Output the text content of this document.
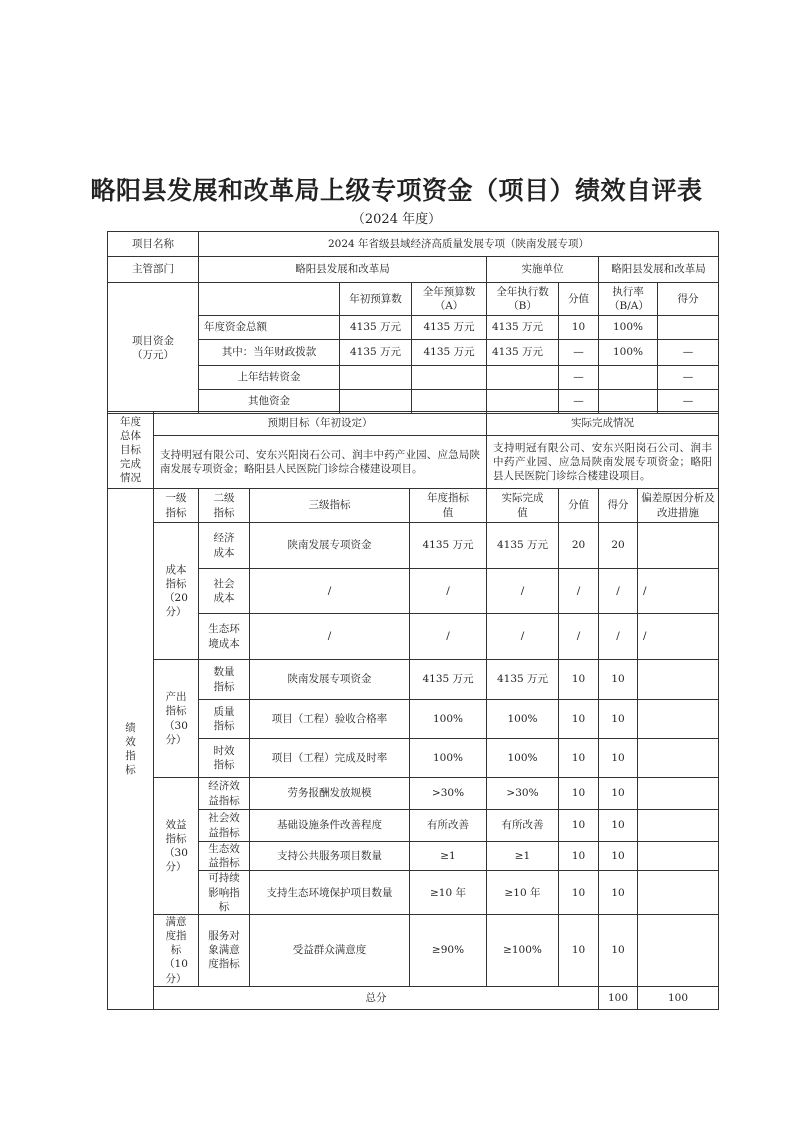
略阳县发展和改革局上级专项资金（项目）绩效自评表
（2024 年度）
项目名称	2024 年省级县域经济高质量发展专项（陕南发展专项）						
主管部门	略阳县发展和改革局			实施单位		略阳县发展和改革局	
项目资金（万元）		年初预算数	全年预算数（A）	全年执行数（B）	分值	执行率（B/A）	得分
	年度资金总额	4135 万元	4135 万元	4135 万元	10	100%	
	其中：当年财政拨款	4135 万元	4135 万元	4135 万元	—	100%	—
	上年结转资金				—		—
	其他资金				—		—
年度总体目标完成情况	预期目标（年初设定）				实际完成情况				
	支持明冠有限公司、安东兴阳岗石公司、润丰中药产业园、应急局陕南发展专项资金；略阳县人民医院门诊综合楼建设项目。				支持明冠有限公司、安东兴阳岗石公司、润丰中药产业园、应急局陕南发展专项资金；略阳县人民医院门诊综合楼建设项目。				
绩效指标	一级指标	二级指标	三级指标	年度指标值	实际完成值	分值	得分	偏差原因分析及改进措施	
	成本指标（20分）	经济成本	陕南发展专项资金	4135 万元	4135 万元	20	20		
		社会成本	/	/	/	/	/	/	
		生态环境成本	/	/	/	/	/	/	
	产出指标（30分）	数量指标	陕南发展专项资金	4135 万元	4135 万元	10	10		
		质量指标	项目（工程）验收合格率	100%	100%	10	10		
		时效指标	项目（工程）完成及时率	100%	100%	10	10		
	效益指标（30分）	经济效益指标	劳务报酬发放规模	>30%	>30%	10	10		
		社会效益指标	基础设施条件改善程度	有所改善	有所改善	10	10		
		生态效益指标	支持公共服务项目数量	≥1	≥1	10	10		
		可持续影响指标	支持生态环境保护项目数量	≥10 年	≥10 年	10	10		
	满意度指标（10分）	服务对象满意度指标	受益群众满意度	≥90%	≥100%	10	10		
	总分						100	100	
